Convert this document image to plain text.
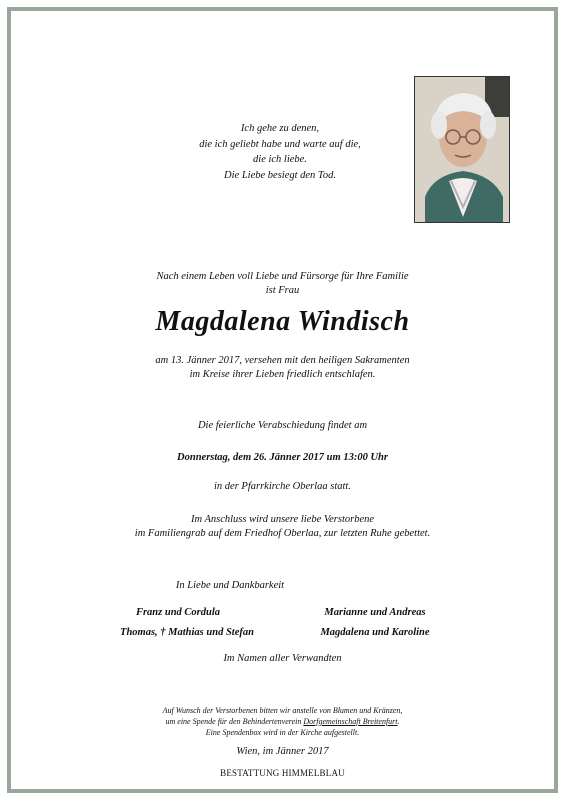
Ich gehe zu denen,
die ich geliebt habe und warte auf die,
die ich liebe.
Die Liebe besiegt den Tod.
Nach einem Leben voll Liebe und Fürsorge für Ihre Familie
ist Frau
Magdalena Windisch
am 13. Jänner 2017, versehen mit den heiligen Sakramenten
im Kreise ihrer Lieben friedlich entschlafen.
Die feierliche Verabschiedung findet am
Donnerstag, dem 26. Jänner 2017 um 13:00 Uhr
in der Pfarrkirche Oberlaa statt.
Im Anschluss wird unsere liebe Verstorbene
im Familiengrab auf dem Friedhof Oberlaa, zur letzten Ruhe gebettet.
In Liebe und Dankbarkeit
Franz und Cordula
Thomas, † Mathias und Stefan
Marianne und Andreas
Magdalena und Karoline
Im Namen aller Verwandten
Auf Wunsch der Verstorbenen bitten wir anstelle von Blumen und Kränzen,
um eine Spende für den Behindertenverein Dorfgemeinschaft Breitenfurt.
Eine Spendenbox wird in der Kirche aufgestellt.
Wien, im Jänner 2017
BESTATTUNG HIMMELBLAU
